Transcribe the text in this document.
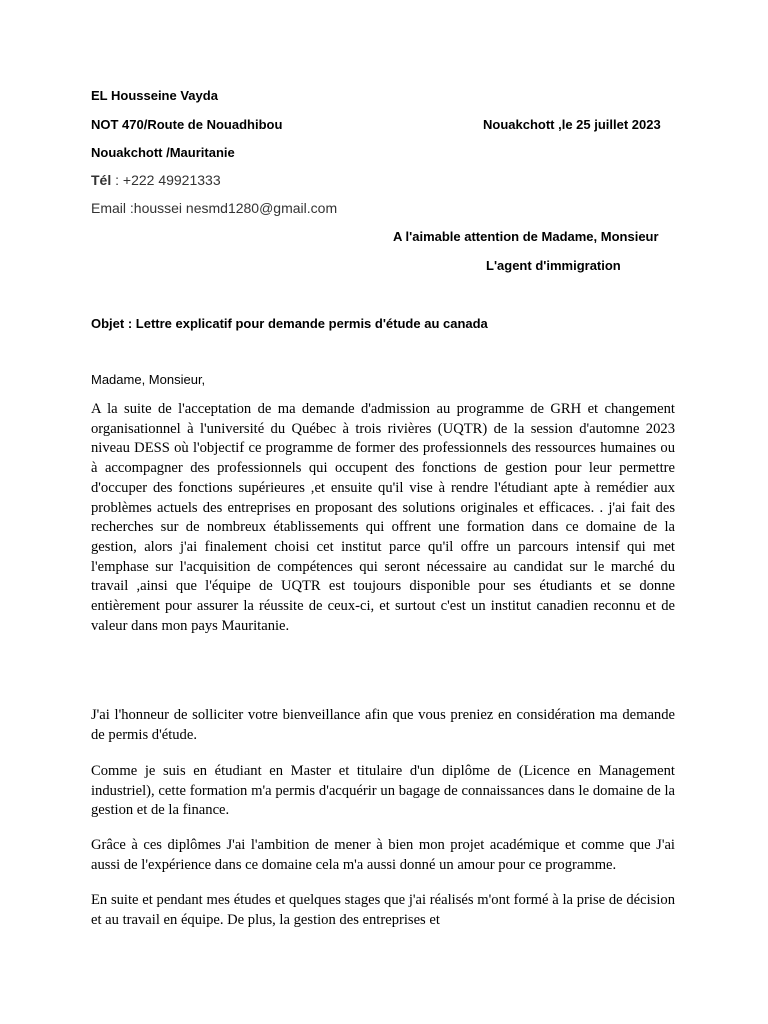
EL Housseine Vayda
NOT 470/Route de Nouadhibou	Nouakchott ,le 25 juillet 2023
Nouakchott /Mauritanie
Tél : +222 49921333
Email :houssei nesmd1280@gmail.com
A l'aimable attention de Madame, Monsieur
L'agent d'immigration
Objet : Lettre explicatif pour demande permis d'étude au canada
Madame, Monsieur,

A la suite de l'acceptation de ma demande d'admission au programme de GRH et changement organisationnel à l'université du Québec à trois rivières (UQTR) de la session d'automne 2023 niveau DESS où l'objectif ce programme de former des professionnels des ressources humaines ou à accompagner des professionnels qui occupent des fonctions de gestion pour leur permettre d'occuper des fonctions supérieures ,et ensuite qu'il vise à rendre l'étudiant apte à remédier aux problèmes actuels des entreprises en proposant des solutions originales et efficaces. . j'ai fait des recherches sur de nombreux établissements qui offrent une formation dans ce domaine de la gestion, alors j'ai finalement choisi cet institut parce qu'il offre un parcours intensif qui met l'emphase sur l'acquisition de compétences qui seront nécessaire au candidat sur le marché du travail ,ainsi que l'équipe de UQTR est toujours disponible pour ses étudiants et se donne entièrement pour assurer la réussite de ceux-ci, et surtout c'est un institut canadien reconnu et de valeur dans mon pays Mauritanie.

J'ai l'honneur de solliciter votre bienveillance afin que vous preniez en considération ma demande de permis d'étude.

Comme je suis en étudiant en Master et titulaire d'un diplôme de (Licence en Management industriel), cette formation m'a permis d'acquérir un bagage de connaissances dans le domaine de la gestion et de la finance.

Grâce à ces diplômes J'ai l'ambition de mener à bien mon projet académique et comme que J'ai aussi de l'expérience dans ce domaine cela m'a aussi donné un amour pour ce programme.

En suite et pendant mes études et quelques stages que j'ai réalisés m'ont formé à la prise de décision et au travail en équipe. De plus, la gestion des entreprises et
